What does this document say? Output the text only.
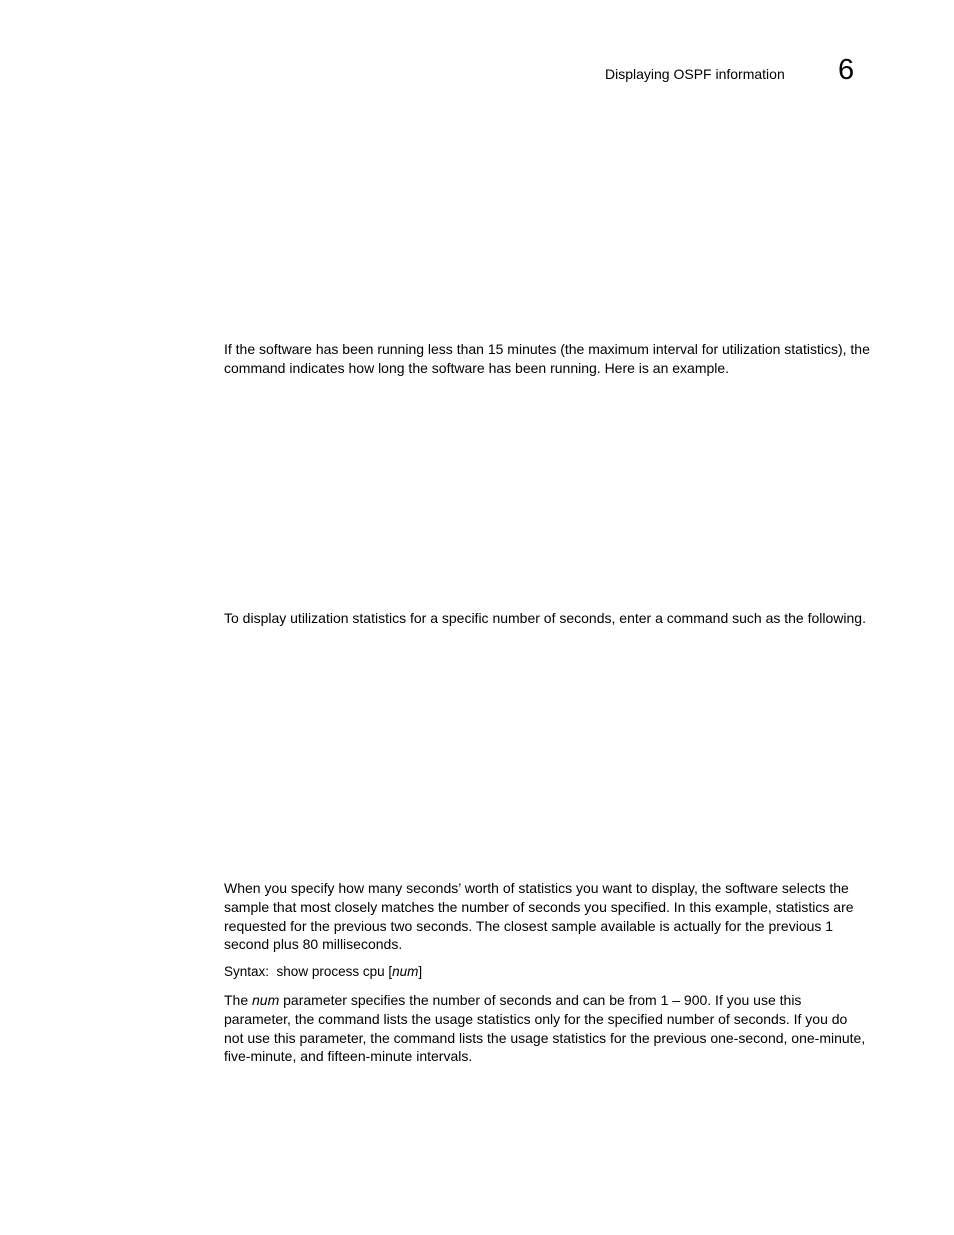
Displaying OSPF information 6

If the software has been running less than 15 minutes (the maximum interval for utilization statistics), the command indicates how long the software has been running. Here is an example.

To display utilization statistics for a specific number of seconds, enter a command such as the following.

When you specify how many seconds’ worth of statistics you want to display, the software selects the sample that most closely matches the number of seconds you specified. In this example, statistics are requested for the previous two seconds. The closest sample available is actually for the previous 1 second plus 80 milliseconds.

Syntax: show process cpu [num]

The num parameter specifies the number of seconds and can be from 1 – 900. If you use this parameter, the command lists the usage statistics only for the specified number of seconds. If you do not use this parameter, the command lists the usage statistics for the previous one-second, one-minute, five-minute, and fifteen-minute intervals.
